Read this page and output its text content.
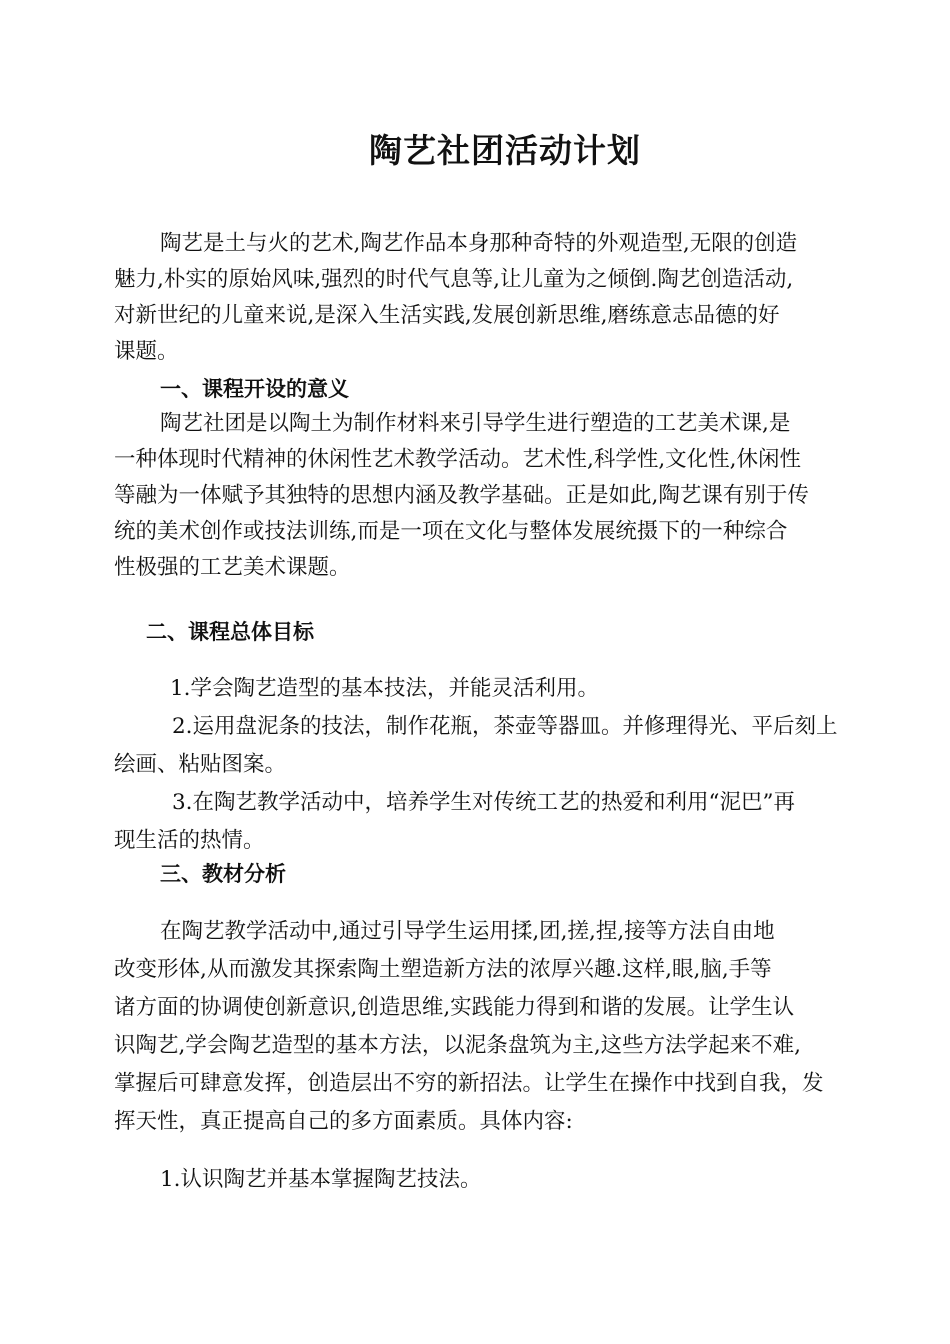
陶艺社团活动计划
陶艺是土与火的艺术,陶艺作品本身那种奇特的外观造型,无限的创造
魅力,朴实的原始风味,强烈的时代气息等,让儿童为之倾倒.陶艺创造活动,
对新世纪的儿童来说,是深入生活实践,发展创新思维,磨练意志品德的好
课题。
一、课程开设的意义
陶艺社团是以陶土为制作材料来引导学生进行塑造的工艺美术课,是
一种体现时代精神的休闲性艺术教学活动。艺术性,科学性,文化性,休闲性
等融为一体赋予其独特的思想内涵及教学基础。正是如此,陶艺课有别于传
统的美术创作或技法训练,而是一项在文化与整体发展统摄下的一种综合
性极强的工艺美术课题。
二、课程总体目标
1.学会陶艺造型的基本技法，并能灵活利用。
2.运用盘泥条的技法，制作花瓶，茶壶等器皿。并修理得光、平后刻上
绘画、粘贴图案。
3.在陶艺教学活动中，培养学生对传统工艺的热爱和利用“泥巴”再
现生活的热情。
三、教材分析
在陶艺教学活动中,通过引导学生运用揉,团,搓,捏,接等方法自由地
改变形体,从而激发其探索陶土塑造新方法的浓厚兴趣.这样,眼,脑,手等
诸方面的协调使创新意识,创造思维,实践能力得到和谐的发展。让学生认
识陶艺,学会陶艺造型的基本方法，以泥条盘筑为主,这些方法学起来不难,
掌握后可肆意发挥，创造层出不穷的新招法。让学生在操作中找到自我，发
挥天性，真正提高自己的多方面素质。具体内容:
1.认识陶艺并基本掌握陶艺技法。
